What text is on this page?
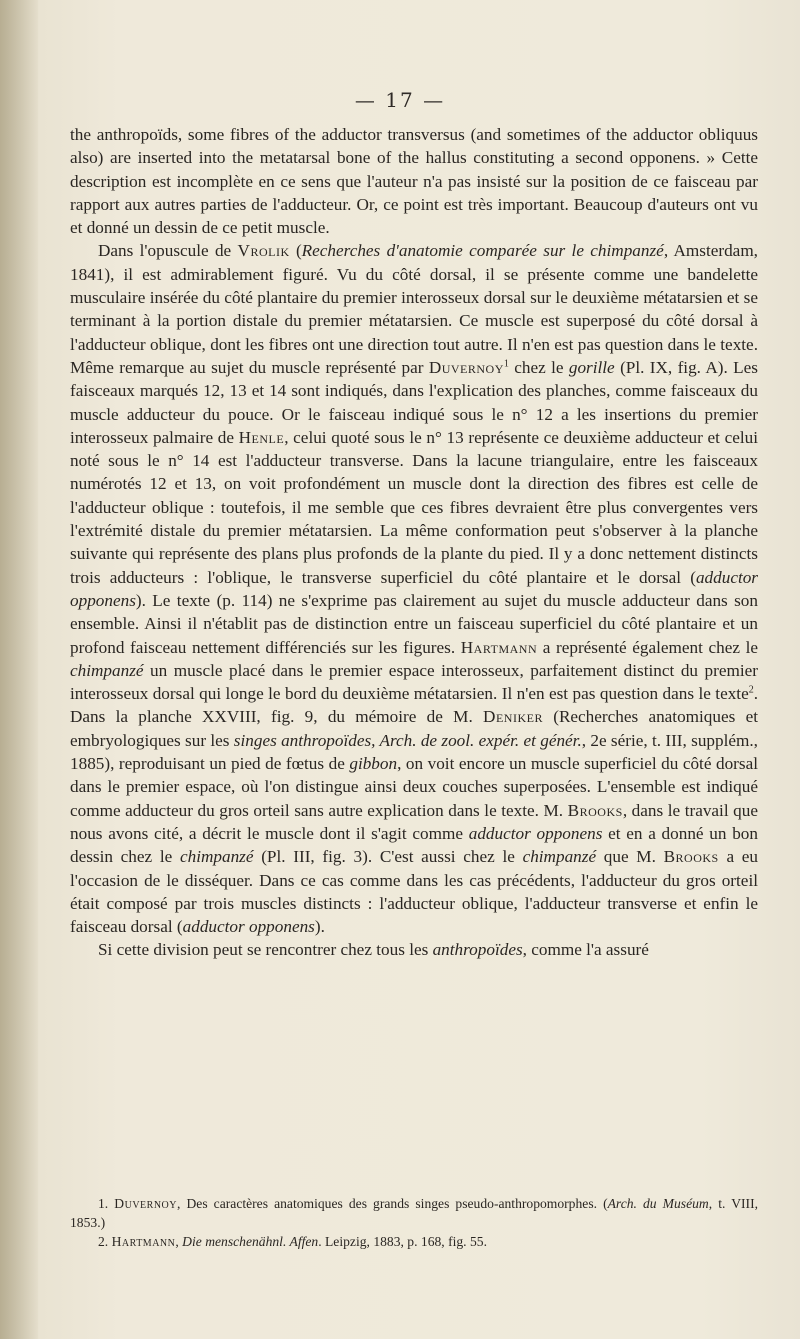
— 17 —

the anthropoïds, some fibres of the adductor transversus (and sometimes of the adductor obliquus also) are inserted into the metatarsal bone of the hallus constituting a second opponens. » Cette description est incomplète en ce sens que l'auteur n'a pas insisté sur la position de ce faisceau par rapport aux autres parties de l'adducteur. Or, ce point est très important. Beaucoup d'auteurs ont vu et donné un dessin de ce petit muscle.

Dans l'opuscule de Vrolik (Recherches d'anatomie comparée sur le chimpanzé, Amsterdam, 1841), il est admirablement figuré. Vu du côté dorsal, il se présente comme une bandelette musculaire insérée du côté plantaire du premier interosseux dorsal sur le deuxième métatarsien et se terminant à la portion distale du premier métatarsien. Ce muscle est superposé du côté dorsal à l'adducteur oblique, dont les fibres ont une direction tout autre. Il n'en est pas question dans le texte. Même remarque au sujet du muscle représenté par Duvernoy$^1$ chez le gorille (Pl. IX, fig. A). Les faisceaux marqués 12, 13 et 14 sont indiqués, dans l'explication des planches, comme faisceaux du muscle adducteur du pouce. Or le faisceau indiqué sous le n° 12 a les insertions du premier interosseux palmaire de Henle, celui quoté sous le n° 13 représente ce deuxième adducteur et celui noté sous le n° 14 est l'adducteur transverse. Dans la lacune triangulaire, entre les faisceaux numérotés 12 et 13, on voit profondément un muscle dont la direction des fibres est celle de l'adducteur oblique : toutefois, il me semble que ces fibres devraient être plus convergentes vers l'extrémité distale du premier métatarsien. La même conformation peut s'observer à la planche suivante qui représente des plans plus profonds de la plante du pied. Il y a donc nettement distincts trois adducteurs : l'oblique, le transverse superficiel du côté plantaire et le dorsal (adductor opponens). Le texte (p. 114) ne s'exprime pas clairement au sujet du muscle adducteur dans son ensemble. Ainsi il n'établit pas de distinction entre un faisceau superficiel du côté plantaire et un profond faisceau nettement différenciés sur les figures. Hartmann a représenté également chez le chimpanzé un muscle placé dans le premier espace interosseux, parfaitement distinct du premier interosseux dorsal qui longe le bord du deuxième métatarsien. Il n'en est pas question dans le texte$^2$. Dans la planche XXVIII, fig. 9, du mémoire de M. Deniker (Recherches anatomiques et embryologiques sur les singes anthropoïdes, Arch. de zool. expér. et génér., 2e série, t. III, supplém., 1885), reproduisant un pied de fœtus de gibbon, on voit encore un muscle superficiel du côté dorsal dans le premier espace, où l'on distingue ainsi deux couches superposées. L'ensemble est indiqué comme adducteur du gros orteil sans autre explication dans le texte. M. Brooks, dans le travail que nous avons cité, a décrit le muscle dont il s'agit comme adductor opponens et en a donné un bon dessin chez le chimpanzé (Pl. III, fig. 3). C'est aussi chez le chimpanzé que M. Brooks a eu l'occasion de le disséquer. Dans ce cas comme dans les cas précédents, l'adducteur du gros orteil était composé par trois muscles distincts : l'adducteur oblique, l'adducteur transverse et enfin le faisceau dorsal (adductor opponens).

Si cette division peut se rencontrer chez tous les anthropoïdes, comme l'a assuré

1. Duvernoy, Des caractères anatomiques des grands singes pseudo-anthropomorphes. (Arch. du Muséum, t. VIII, 1853.)

2. Hartmann, Die menschenähnl. Affen. Leipzig, 1883, p. 168, fig. 55.
